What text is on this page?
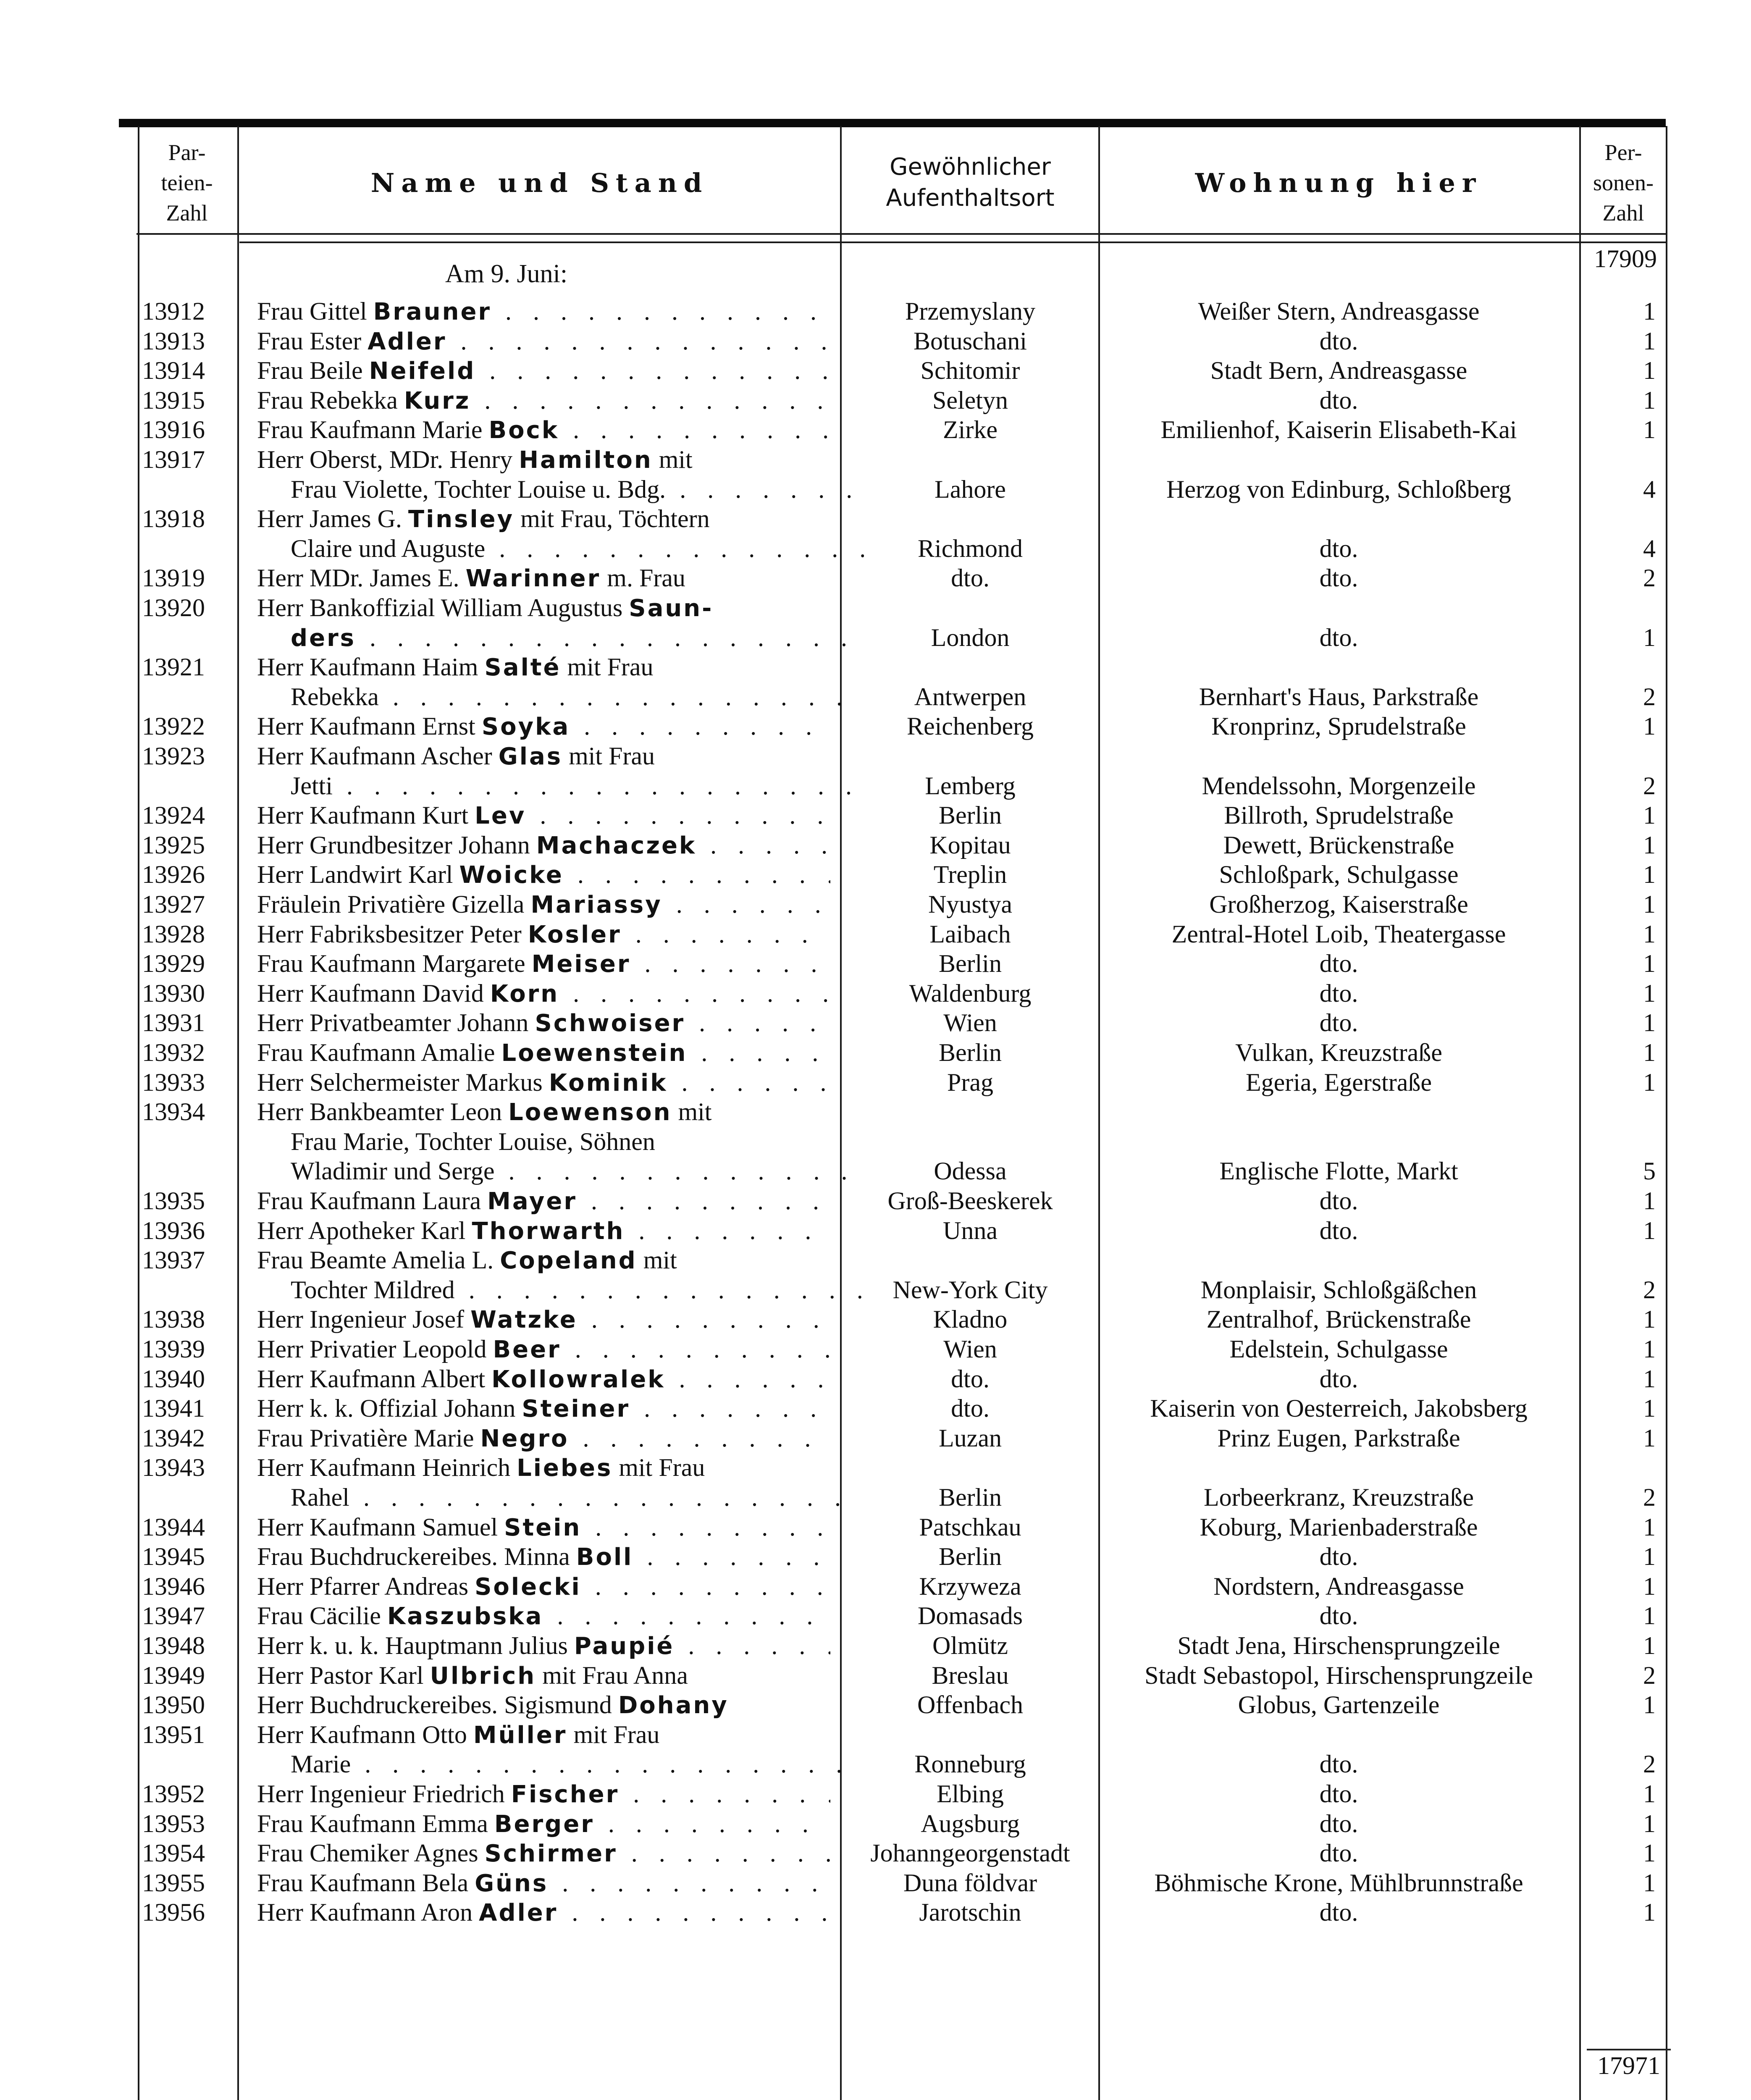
Par-
teien-
Zahl
Name und Stand
Gewöhnlicher
Aufenthaltsort	Wohnung hier
Per-
sonen-
Zahl
Am 9. Juni:
17909
13912	Frau Gittel Brauner . . .	Przemyslany	Weißer Stern, Andreasgasse	1
13913	Frau Ester Adler . . .	Botuschani	dto.	1
13914	Frau Beile Neifeld . . .	Schitomir	Stadt Bern, Andreasgasse	1
13915	Frau Rebekka Kurz . . .	Seletyn	dto.	1
13916	Frau Kaufmann Marie Bock . . .	Zirke	Emilienhof, Kaiserin Elisabeth-Kai	1
13917	Herr Oberst, MDr. Henry Hamilton mit
Frau Violette, Tochter Louise u. Bdg. . . .	Lahore	Herzog von Edinburg, Schloßberg	4
13918	Herr James G. Tinsley mit Frau, Töchtern
Claire und Auguste . . .	Richmond	dto.	4
13919	Herr MDr. James E. Warinner m. Frau	dto.	dto.	2
13920	Herr Bankoffizial William Augustus Saun-
ders . . .	London	dto.	1
13921	Herr Kaufmann Haim Salté mit Frau
Rebekka . . .	Antwerpen	Bernhart's Haus, Parkstraße	2
13922	Herr Kaufmann Ernst Soyka . . .	Reichenberg	Kronprinz, Sprudelstraße	1
13923	Herr Kaufmann Ascher Glas mit Frau
Jetti . . .	Lemberg	Mendelssohn, Morgenzeile	2
13924	Herr Kaufmann Kurt Lev . . .	Berlin	Billroth, Sprudelstraße	1
13925	Herr Grundbesitzer Johann Machaczek . . .	Kopitau	Dewett, Brückenstraße	1
13926	Herr Landwirt Karl Woicke . . .	Treplin	Schloßpark, Schulgasse	1
13927	Fräulein Privatière Gizella Mariassy . . .	Nyustya	Großherzog, Kaiserstraße	1
13928	Herr Fabriksbesitzer Peter Kosler . . .	Laibach	Zentral-Hotel Loib, Theatergasse	1
13929	Frau Kaufmann Margarete Meiser . . .	Berlin	dto.	1
13930	Herr Kaufmann David Korn . . .	Waldenburg	dto.	1
13931	Herr Privatbeamter Johann Schwoiser . . .	Wien	dto.	1
13932	Frau Kaufmann Amalie Loewenstein . . .	Berlin	Vulkan, Kreuzstraße	1
13933	Herr Selchermeister Markus Kominik . . .	Prag	Egeria, Egerstraße	1
13934	Herr Bankbeamter Leon Loewenson mit
Frau Marie, Tochter Louise, Söhnen
Wladimir und Serge . . .	Odessa	Englische Flotte, Markt	5
13935	Frau Kaufmann Laura Mayer . . .	Groß-Beeskerek	dto.	1
13936	Herr Apotheker Karl Thorwarth . . .	Unna	dto.	1
13937	Frau Beamte Amelia L. Copeland mit
Tochter Mildred . . .	New-York City	Monplaisir, Schloßgäßchen	2
13938	Herr Ingenieur Josef Watzke . . .	Kladno	Zentralhof, Brückenstraße	1
13939	Herr Privatier Leopold Beer . . .	Wien	Edelstein, Schulgasse	1
13940	Herr Kaufmann Albert Kollowralek . . .	dto.	dto.	1
13941	Herr k. k. Offizial Johann Steiner . . .	dto.	Kaiserin von Oesterreich, Jakobsberg	1
13942	Frau Privatière Marie Negro . . .	Luzan	Prinz Eugen, Parkstraße	1
13943	Herr Kaufmann Heinrich Liebes mit Frau
Rahel . . .	Berlin	Lorbeerkranz, Kreuzstraße	2
13944	Herr Kaufmann Samuel Stein . . .	Patschkau	Koburg, Marienbaderstraße	1
13945	Frau Buchdruckereibes. Minna Boll . . .	Berlin	dto.	1
13946	Herr Pfarrer Andreas Solecki . . .	Krzyweza	Nordstern, Andreasgasse	1
13947	Frau Cäcilie Kaszubska . . .	Domasads	dto.	1
13948	Herr k. u. k. Hauptmann Julius Paupié . . .	Olmütz	Stadt Jena, Hirschensprungzeile	1
13949	Herr Pastor Karl Ulbrich mit Frau Anna	Breslau	Stadt Sebastopol, Hirschensprungzeile	2
13950	Herr Buchdruckereibes. Sigismund Dohany	Offenbach	Globus, Gartenzeile	1
13951	Herr Kaufmann Otto Müller mit Frau
Marie . . .	Ronneburg	dto.	2
13952	Herr Ingenieur Friedrich Fischer . . .	Elbing	dto.	1
13953	Frau Kaufmann Emma Berger . . .	Augsburg	dto.	1
13954	Frau Chemiker Agnes Schirmer . . .	Johanngeorgenstadt	dto.	1
13955	Frau Kaufmann Bela Güns . . .	Duna földvar	Böhmische Krone, Mühlbrunnstraße	1
13956	Herr Kaufmann Aron Adler . . .	Jarotschin	dto.	1
17971
